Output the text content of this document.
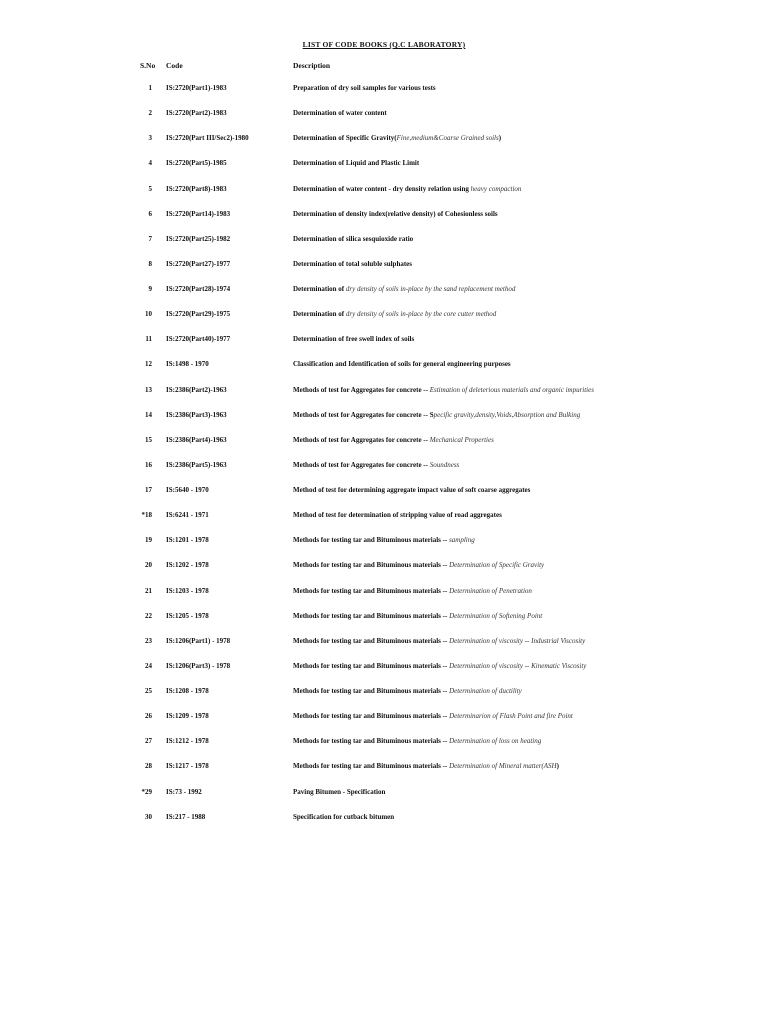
LIST OF CODE BOOKS (Q.C LABORATORY)
S.No Code	Description
1 IS:2720(Part1)-1983	Preparation of dry soil samples for various tests
2 IS:2720(Part2)-1983	Determination of water content
3 IS:2720(Part III/Sec2)-1980	Determination of Specific Gravity(Fine,medium&Coarse Grained soils)
4 IS:2720(Part5)-1985	Determination of Liquid and Plastic Limit
5 IS:2720(Part8)-1983	Determination of water content - dry density relation using heavy compaction
6 IS:2720(Part14)-1983	Determination of density index(relative density) of Cohesionless soils
7 IS:2720(Part25)-1982	Determination of silica sesquioxide ratio
8 IS:2720(Part27)-1977	Determination of total soluble sulphates
9 IS:2720(Part28)-1974	Determination of dry density of soils in-place by the sand replacement method
10 IS:2720(Part29)-1975	Determination of dry density of soils in-place by the core cutter method
11 IS:2720(Part40)-1977	Determination of free swell index of soils
12 IS:1498 - 1970	Classification and Identification of soils for general engineering purposes
13 IS:2386(Part2)-1963	Methods of test for Aggregates for concrete -- Estimation of deleterious materials and organic impurities
14 IS:2386(Part3)-1963	Methods of test for Aggregates for concrete -- Specific gravity,density,Voids,Absorption and Bulking
15 IS:2386(Part4)-1963	Methods of test for Aggregates for concrete -- Mechanical Properties
16 IS:2386(Part5)-1963	Methods of test for Aggregates for concrete -- Soundness
17 IS:5640 - 1970	Method of test for determining aggregate impact value of soft coarse aggregates
*18 IS:6241 - 1971	Method of test for determination of stripping value of road aggregates
19 IS:1201 - 1978	Methods for testing tar and Bituminous materials -- sampling
20 IS:1202 - 1978	Methods for testing tar and Bituminous materials -- Determination of Specific Gravity
21 IS:1203 - 1978	Methods for testing tar and Bituminous materials -- Determination of Penetration
22 IS:1205 - 1978	Methods for testing tar and Bituminous materials -- Determination of Softening Point
23 IS:1206(Part1) - 1978	Methods for testing tar and Bituminous materials -- Determination of viscosity -- Industrial Viscosity
24 IS:1206(Part3) - 1978	Methods for testing tar and Bituminous materials -- Determination of viscosity -- Kinematic Viscosity
25 IS:1208 - 1978	Methods for testing tar and Bituminous materials -- Determination of ductility
26 IS:1209 - 1978	Methods for testing tar and Bituminous materials -- Determinarion of Flash Point and fire Point
27 IS:1212 - 1978	Methods for testing tar and Bituminous materials -- Determination of loss on heating
28 IS:1217 - 1978	Methods for testing tar and Bituminous materials -- Determination of Mineral matter(ASH)
*29 IS:73 - 1992	Paving Bitumen - Specification
30 IS:217 - 1988	Specification for cutback bitumen
